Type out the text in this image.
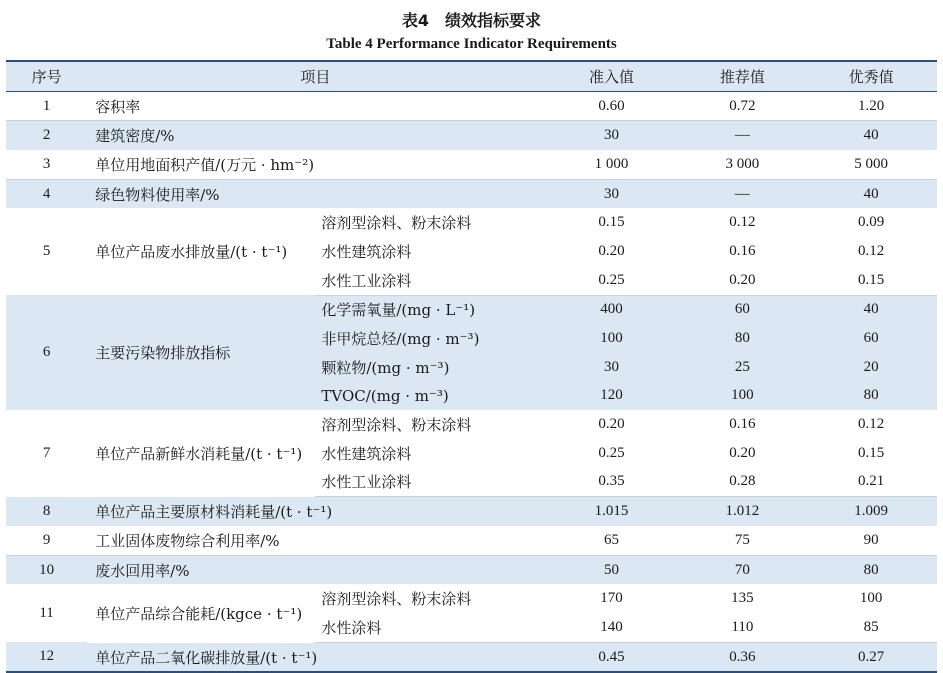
表4　绩效指标要求
Table 4 Performance Indicator Requirements
序号	项目		准入值	推荐值	优秀值
1	容积率		0.60	0.72	1.20
2	建筑密度/%		30	—	40
3	单位用地面积产值/(万元 · hm⁻²)		1 000	3 000	5 000
4	绿色物料使用率/%		30	—	40
5	单位产品废水排放量/(t · t⁻¹)	溶剂型涂料、粉末涂料	0.15	0.12	0.09
		水性建筑涂料	0.20	0.16	0.12
		水性工业涂料	0.25	0.20	0.15
6	主要污染物排放指标	化学需氧量/(mg · L⁻¹)	400	60	40
		非甲烷总烃/(mg · m⁻³)	100	80	60
		颗粒物/(mg · m⁻³)	30	25	20
		TVOC/(mg · m⁻³)	120	100	80
7	单位产品新鲜水消耗量/(t · t⁻¹)	溶剂型涂料、粉末涂料	0.20	0.16	0.12
		水性建筑涂料	0.25	0.20	0.15
		水性工业涂料	0.35	0.28	0.21
8	单位产品主要原材料消耗量/(t · t⁻¹)		1.015	1.012	1.009
9	工业固体废物综合利用率/%		65	75	90
10	废水回用率/%		50	70	80
11	单位产品综合能耗/(kgce · t⁻¹)	溶剂型涂料、粉末涂料	170	135	100
		水性涂料	140	110	85
12	单位产品二氧化碳排放量/(t · t⁻¹)		0.45	0.36	0.27
